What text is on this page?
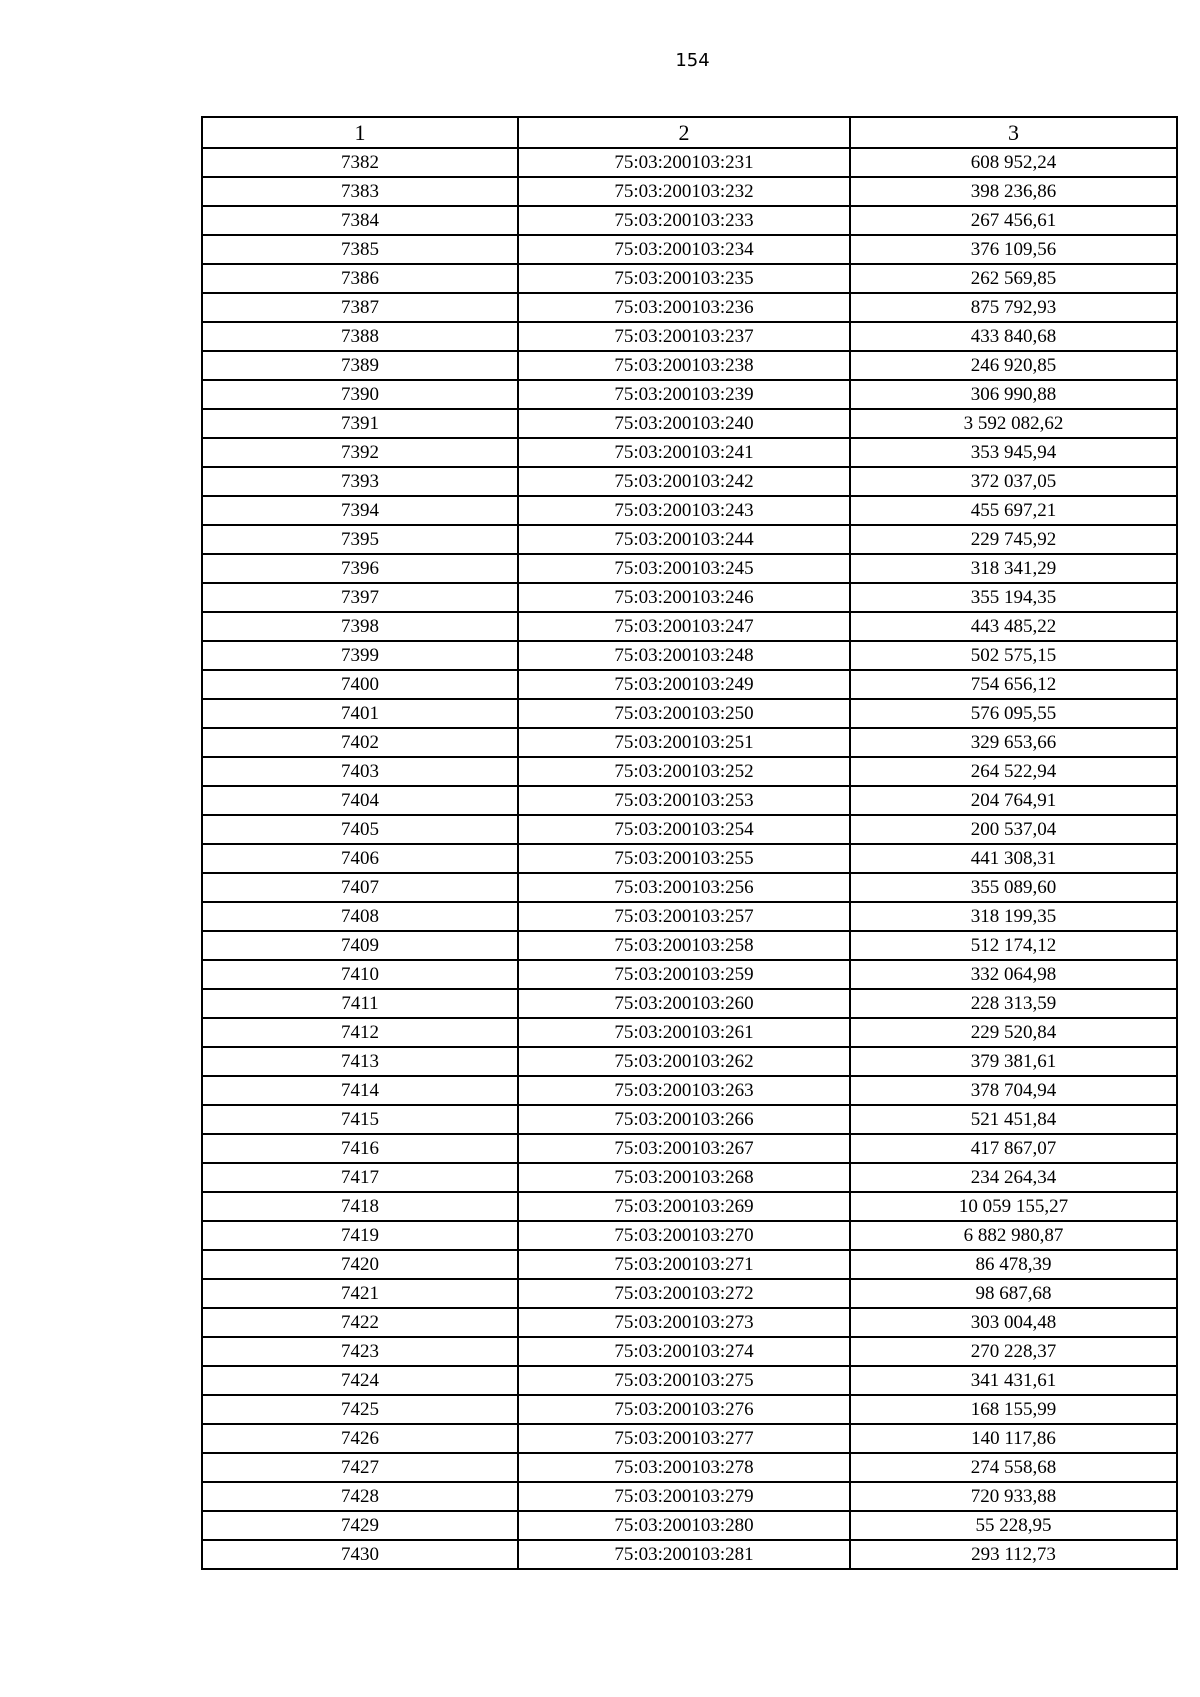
154
1	2	3
7382	75:03:200103:231	608 952,24
7383	75:03:200103:232	398 236,86
7384	75:03:200103:233	267 456,61
7385	75:03:200103:234	376 109,56
7386	75:03:200103:235	262 569,85
7387	75:03:200103:236	875 792,93
7388	75:03:200103:237	433 840,68
7389	75:03:200103:238	246 920,85
7390	75:03:200103:239	306 990,88
7391	75:03:200103:240	3 592 082,62
7392	75:03:200103:241	353 945,94
7393	75:03:200103:242	372 037,05
7394	75:03:200103:243	455 697,21
7395	75:03:200103:244	229 745,92
7396	75:03:200103:245	318 341,29
7397	75:03:200103:246	355 194,35
7398	75:03:200103:247	443 485,22
7399	75:03:200103:248	502 575,15
7400	75:03:200103:249	754 656,12
7401	75:03:200103:250	576 095,55
7402	75:03:200103:251	329 653,66
7403	75:03:200103:252	264 522,94
7404	75:03:200103:253	204 764,91
7405	75:03:200103:254	200 537,04
7406	75:03:200103:255	441 308,31
7407	75:03:200103:256	355 089,60
7408	75:03:200103:257	318 199,35
7409	75:03:200103:258	512 174,12
7410	75:03:200103:259	332 064,98
7411	75:03:200103:260	228 313,59
7412	75:03:200103:261	229 520,84
7413	75:03:200103:262	379 381,61
7414	75:03:200103:263	378 704,94
7415	75:03:200103:266	521 451,84
7416	75:03:200103:267	417 867,07
7417	75:03:200103:268	234 264,34
7418	75:03:200103:269	10 059 155,27
7419	75:03:200103:270	6 882 980,87
7420	75:03:200103:271	86 478,39
7421	75:03:200103:272	98 687,68
7422	75:03:200103:273	303 004,48
7423	75:03:200103:274	270 228,37
7424	75:03:200103:275	341 431,61
7425	75:03:200103:276	168 155,99
7426	75:03:200103:277	140 117,86
7427	75:03:200103:278	274 558,68
7428	75:03:200103:279	720 933,88
7429	75:03:200103:280	55 228,95
7430	75:03:200103:281	293 112,73
